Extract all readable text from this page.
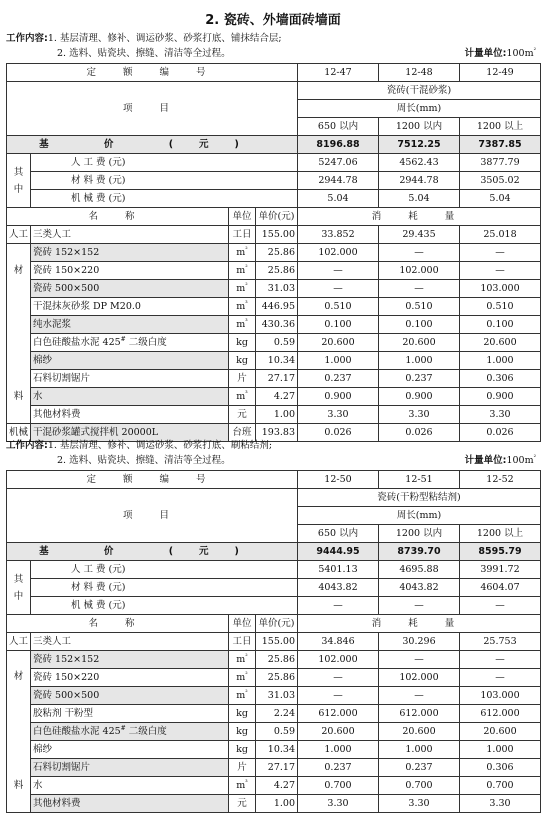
2. 瓷砖、外墙面砖墙面
工作内容:1. 基层清理、修补、调运砂浆、砂浆打底、铺抹结合层;
2. 选料、贴瓷块、擦缝、清洁等全过程。	计量单位$:100m^{^2}$
定 额 编 号				12-47	12-48	12-49
项 目				瓷砖(干混砂浆)		
				周长(mm)		
				650 以内	1200 以内	1200 以上
基 价 (元)				8196.88	7512.25	7387.85

其
中	人 工 费 (元)			5247.06	4562.43	3877.79
	材 料 费 (元)			2944.78	2944.78	3505.02
	机 械 费 (元)			5.04	5.04	5.04
名 称		单位	单价(元)	消 耗 量		
人工	三类人工	工日	155.00	33.852	29.435	25.018

材
料	瓷砖 152×152	$m^{^2}$	25.86	102.000	—	—
	瓷砖 150×220	$m^{^2}$	25.86	—	102.000	—
	瓷砖 500×500	$m^{^2}$	31.03	—	—	103.000
	干混抹灰砂浆 DP M20.0	$m^{^3}$	446.95	0.510	0.510	0.510
	纯水泥浆	$m^{^3}$	430.36	0.100	0.100	0.100
	白色硅酸盐水泥 425# 二级白度	kg	0.59	20.600	20.600	20.600
	棉纱	kg	10.34	1.000	1.000	1.000
	石料切割锯片	片	27.17	0.237	0.237	0.306
	水	$m^{^3}$	4.27	0.900	0.900	0.900
	其他材料费	元	1.00	3.30	3.30	3.30
机械	干混砂浆罐式搅拌机 20000L	台班	193.83	0.026	0.026	0.026
工作内容:1. 基层清理、修补、调运砂浆、砂浆打底、刷粘结剂;
2. 选料、贴瓷块、擦缝、清洁等全过程。	计量单位$:100m^{^2}$
定 额 编 号				12-50	12-51	12-52
项 目				瓷砖(干粉型粘结剂)		
				周长(mm)		
				650 以内	1200 以内	1200 以上
基 价 (元)				9444.95	8739.70	8595.79

其
中	人 工 费 (元)			5401.13	4695.88	3991.72
	材 料 费 (元)			4043.82	4043.82	4604.07
	机 械 费 (元)			—	—	—
名 称		单位	单价(元)	消 耗 量		
人工	三类人工	工日	155.00	34.846	30.296	25.753

材
料	瓷砖 152×152	$m^{^2}$	25.86	102.000	—	—
	瓷砖 150×220	$m^{^2}$	25.86	—	102.000	—
	瓷砖 500×500	$m^{^2}$	31.03	—	—	103.000
	胶粘剂 干粉型	kg	2.24	612.000	612.000	612.000
	白色硅酸盐水泥 425# 二级白度	kg	0.59	20.600	20.600	20.600
	棉纱	kg	10.34	1.000	1.000	1.000
	石料切割锯片	片	27.17	0.237	0.237	0.306
	水	$m^{^3}$	4.27	0.700	0.700	0.700
	其他材料费	元	1.00	3.30	3.30	3.30
